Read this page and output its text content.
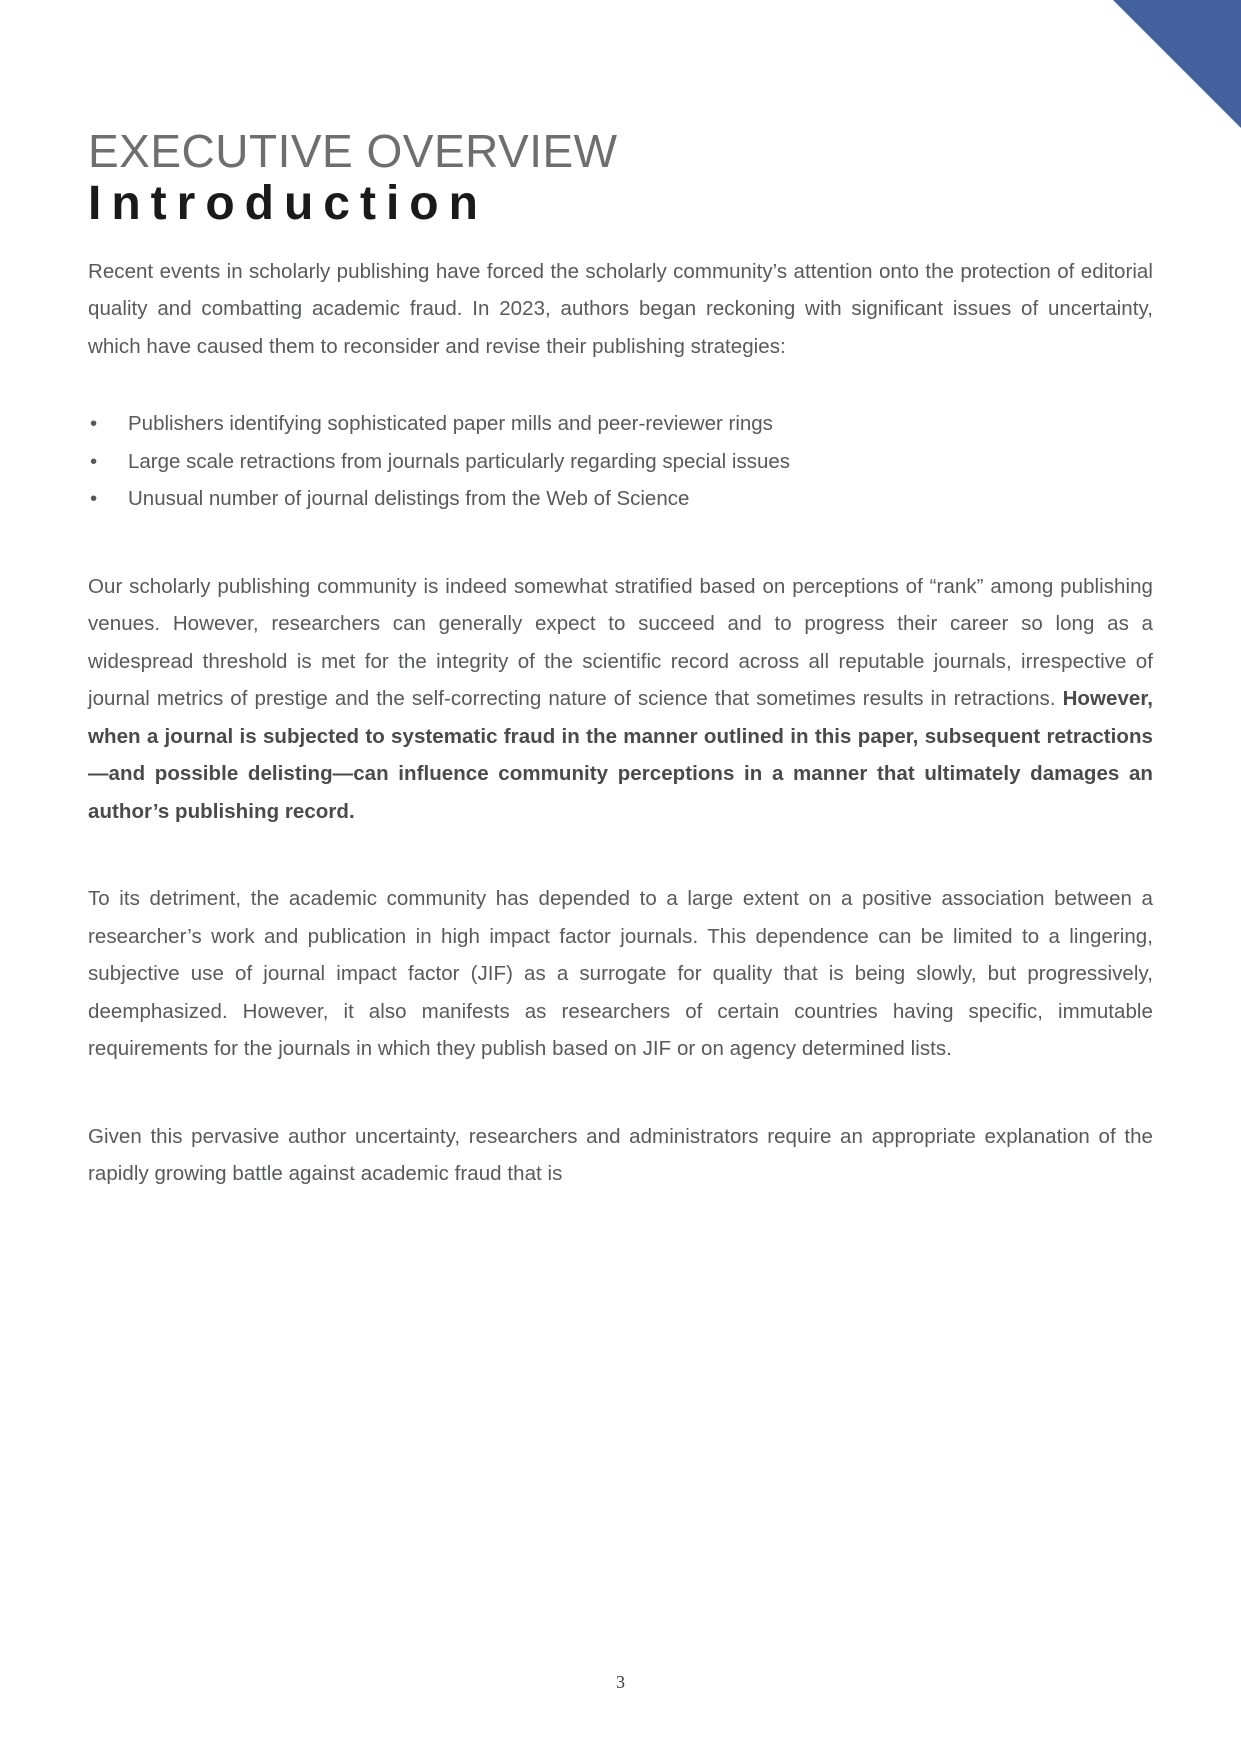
EXECUTIVE OVERVIEW
Introduction

Recent events in scholarly publishing have forced the scholarly community’s attention onto the protection of editorial quality and combatting academic fraud. In 2023, authors began reckoning with significant issues of uncertainty, which have caused them to reconsider and revise their publishing strategies:

• Publishers identifying sophisticated paper mills and peer-reviewer rings
• Large scale retractions from journals particularly regarding special issues
• Unusual number of journal delistings from the Web of Science

Our scholarly publishing community is indeed somewhat stratified based on perceptions of “rank” among publishing venues. However, researchers can generally expect to succeed and to progress their career so long as a widespread threshold is met for the integrity of the scientific record across all reputable journals, irrespective of journal metrics of prestige and the self-correcting nature of science that sometimes results in retractions. However, when a journal is subjected to systematic fraud in the manner outlined in this paper, subsequent retractions—and possible delisting—can influence community perceptions in a manner that ultimately damages an author’s publishing record.

To its detriment, the academic community has depended to a large extent on a positive association between a researcher’s work and publication in high impact factor journals. This dependence can be limited to a lingering, subjective use of journal impact factor (JIF) as a surrogate for quality that is being slowly, but progressively, deemphasized. However, it also manifests as researchers of certain countries having specific, immutable requirements for the journals in which they publish based on JIF or on agency determined lists.

Given this pervasive author uncertainty, researchers and administrators require an appropriate explanation of the rapidly growing battle against academic fraud that is

3
